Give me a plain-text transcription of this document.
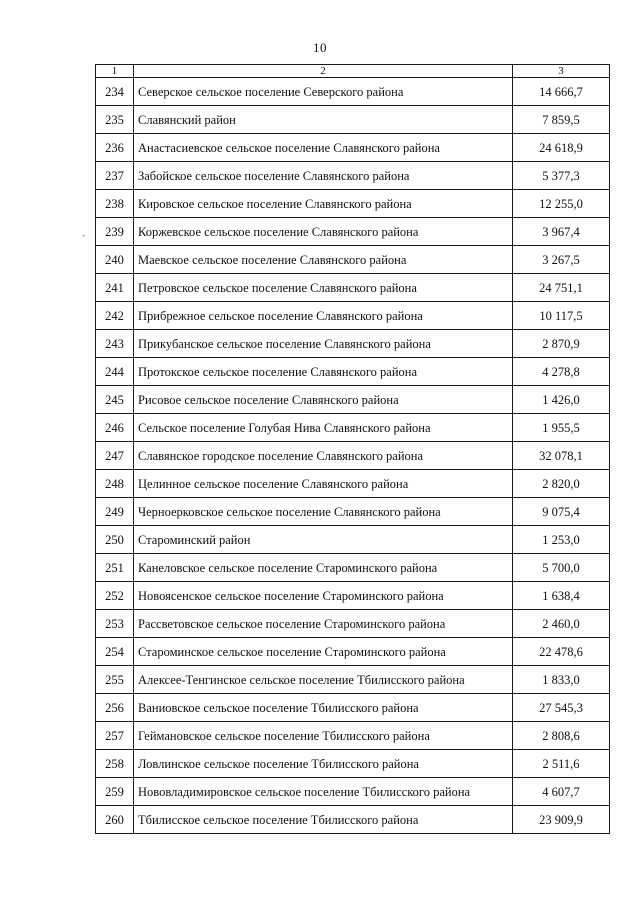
10
1	2	3
234	Северское сельское поселение Северского района	14 666,7
235	Славянский район	7 859,5
236	Анастасиевское сельское поселение Славянского района	24 618,9
237	Забойское сельское поселение Славянского района	5 377,3
238	Кировское сельское поселение Славянского района	12 255,0
239	Коржевское сельское поселение Славянского района	3 967,4
240	Маевское сельское поселение Славянского района	3 267,5
241	Петровское сельское поселение Славянского района	24 751,1
242	Прибрежное сельское поселение Славянского района	10 117,5
243	Прикубанское сельское поселение Славянского района	2 870,9
244	Протокское сельское поселение Славянского района	4 278,8
245	Рисовое сельское поселение Славянского района	1 426,0
246	Сельское поселение Голубая Нива Славянского района	1 955,5
247	Славянское городское поселение Славянского района	32 078,1
248	Целинное сельское поселение Славянского района	2 820,0
249	Черноерковское сельское поселение Славянского района	9 075,4
250	Староминский район	1 253,0
251	Канеловское сельское поселение Староминского района	5 700,0
252	Новоясенское сельское поселение Староминского района	1 638,4
253	Рассветовское сельское поселение Староминского района	2 460,0
254	Староминское сельское поселение Староминского района	22 478,6
255	Алексее-Тенгинское сельское поселение Тбилисского района	1 833,0
256	Ваниовское сельское поселение Тбилисского района	27 545,3
257	Геймановское сельское поселение Тбилисского района	2 808,6
258	Ловлинское сельское поселение Тбилисского района	2 511,6
259	Нововладимировское сельское поселение Тбилисского района	4 607,7
260	Тбилисское сельское поселение Тбилисского района	23 909,9
-
